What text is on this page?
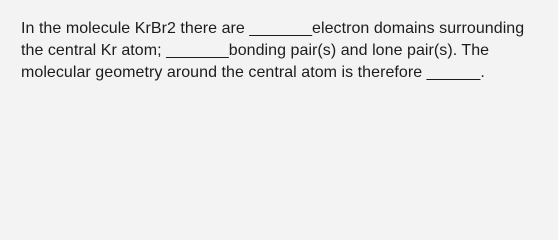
In the molecule KrBr2 there are _______electron domains surrounding the central Kr atom; _______bonding pair(s) and lone pair(s). The molecular geometry around the central atom is therefore ______.
